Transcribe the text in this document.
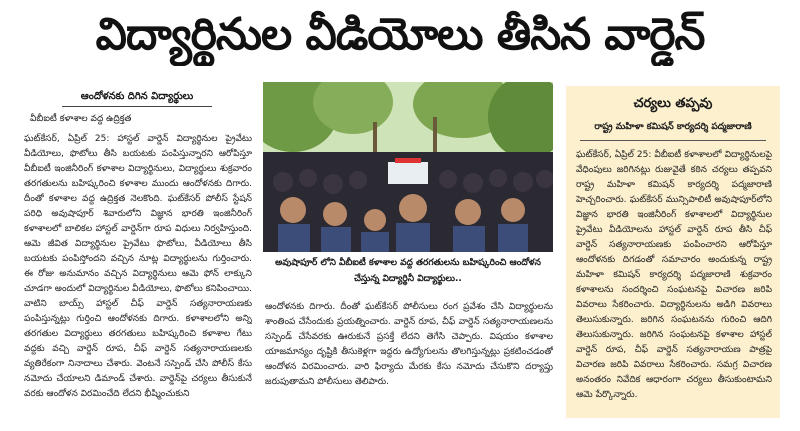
విద్యార్థినుల వీడియోలు తీసిన వార్డెన్
ఆందోళనకు దిగిన విద్యార్థులు
వీబీఐటీ కళాశాల వద్ద ఉద్రిక్తత

ఘట్‌కేసర్, ఏప్రిల్ 25: హాస్టల్ వార్డెన్ విద్యార్థినుల ప్రైవేటు వీడియోలు, ఫొటోలు తీసి బయటకు పంపిస్తున్నారని ఆరోపిస్తూ వీబీఐటీ ఇంజినీరింగ్ కళాశాల విద్యార్థినులు, విద్యార్థులు శుక్రవారం తరగతులను బహిష్కరించి కళాశాల ముందు ఆందోళనకు దిగారు. దీంతో కళాశాల వద్ద ఉద్రిక్తత నెలకొంది. ఘట్‌కేసర్ పోలీస్ స్టేషన్ పరిధి అవుషాపూర్ శివారులోని విజ్ఞాన భారతి ఇంజినీరింగ్ కళాశాలలో బాలికల హాస్టల్ వార్డెన్‌గా రూప విధులు నిర్వహిస్తుంది. ఆమె జీవిత విద్యార్థినుల ప్రైవేటు ఫొటోలు, వీడియోలు తీసి బయటకు పంపిస్తోందని వచ్చిన నూట్ల విద్యార్థులను గుర్తించారు. ఈ రోజు అనుమానం వచ్చిన విద్యార్థినులు ఆమె ఫోన్ లాక్కుని చూడగా అందులో విద్యార్థినుల వీడియోలు, ఫొటోలు కనిపించాయి. వాటిని బాయ్స్ హాస్టల్ చీఫ్ వార్డెన్ సత్యనారాయణకు పంపిస్తున్నట్లు గుర్తించి ఆందోళనకు దిగారు. కళాశాలలోని అన్ని తరగతుల విద్యార్థులు తరగతులు బహిష్కరించి కళాశాల గేటు వద్దకు వచ్చి వార్డెన్ రూప, చీఫ్ వార్డెన్ సత్యనారాయణలకు వ్యతిరేకంగా నినాదాలు చేశారు. వెంటనే సస్పెండ్ చేసి పోలీస్ కేసు నమోదు చేయాలని డిమాండ్ చేశారు. వార్డెన్‌పై చర్యలు తీసుకునే వరకు ఆందోళన విరమించేది లేదని భీష్మించుకుని

అవుషాపూర్ లోని వీబీఐటీ కళాశాల వద్ద తరగతులను బహిష్కరించి ఆందోళన చేస్తున్న విద్యార్థినీ విద్యార్థులు..

ఆందోళనకు దిగారు. దీంతో ఘట్‌కేసర్ పోలీసులు రంగ ప్రవేశం చేసి విద్యార్థులను శాంతింప చేసేందుకు ప్రయత్నించారు. వార్డెన్ రూప, చీఫ్ వార్డెన్ సత్యనారాయణలను సస్పెండ్ చేసేవరకు ఊరుకునే ప్రసక్తే లేదని తెగేసి చెప్పారు. విషయం కళాశాల యాజమాన్యం దృష్టికి తీసుకెళ్లగా ఇద్దరు ఉద్యోగులను తొలగిస్తున్నట్లు ప్రకటించడంతో ఆందోళన విరమించారు. వారి ఫిర్యాదు మేరకు కేసు నమోదు చేసుకొని దర్యాప్తు జరుపుతామని పోలీసులు తెలిపారు.

చర్యలు తప్పవు
రాష్ట్ర మహిళా కమిషన్ కార్యదర్శి పద్మజారాణి

ఘట్‌కేసర్, ఏప్రిల్ 25: వీబీఐటీ కళాశాలలో విద్యార్థినులపై వేధింపులు జరిగినట్లు రుజువైతే కఠిన చర్యలు తప్పవని రాష్ట్ర మహిళా కమిషన్ కార్యదర్శి పద్మజారాణి హెచ్చరించారు. ఘట్‌కేసర్ మున్సిపాలిటీ అవుషాపూర్‌లోని విజ్ఞాన భారతి ఇంజినీరింగ్ కళాశాలలో విద్యార్థినుల ప్రైవేటు వీడియోలను హాస్టల్ వార్డెన్ రూప తీసి చీఫ్ వార్డెన్ సత్యనారాయణకు పంపించారని ఆరోపిస్తూ ఆందోళనకు దిగడంతో సమాచారం అందుకున్న రాష్ట్ర మహిళా కమిషన్ కార్యదర్శి పద్మజారాణి శుక్రవారం కళాశాలను సందర్శించి సంఘటనపై విచారణ జరిపి వివరాలు సేకరించారు. విద్యార్థినులను అడిగి వివరాలు తెలుసుకున్నారు. జరిగిన సంఘటనను గురించి ఆదిగి తెలుసుకున్నారు. జరిగిన సంఘటనపై కళాశాల హాస్టల్ వార్డెన్ రూప, చీఫ్ వార్డెన్ సత్యనారాయణ పాత్రపై విచారణ జరిపి వివరాలు సేకరించారు. సమగ్ర విచారణ అనంతరం నివేదిక ఆధారంగా చర్యలు తీసుకుంటామని ఆమె పేర్కొన్నారు.
